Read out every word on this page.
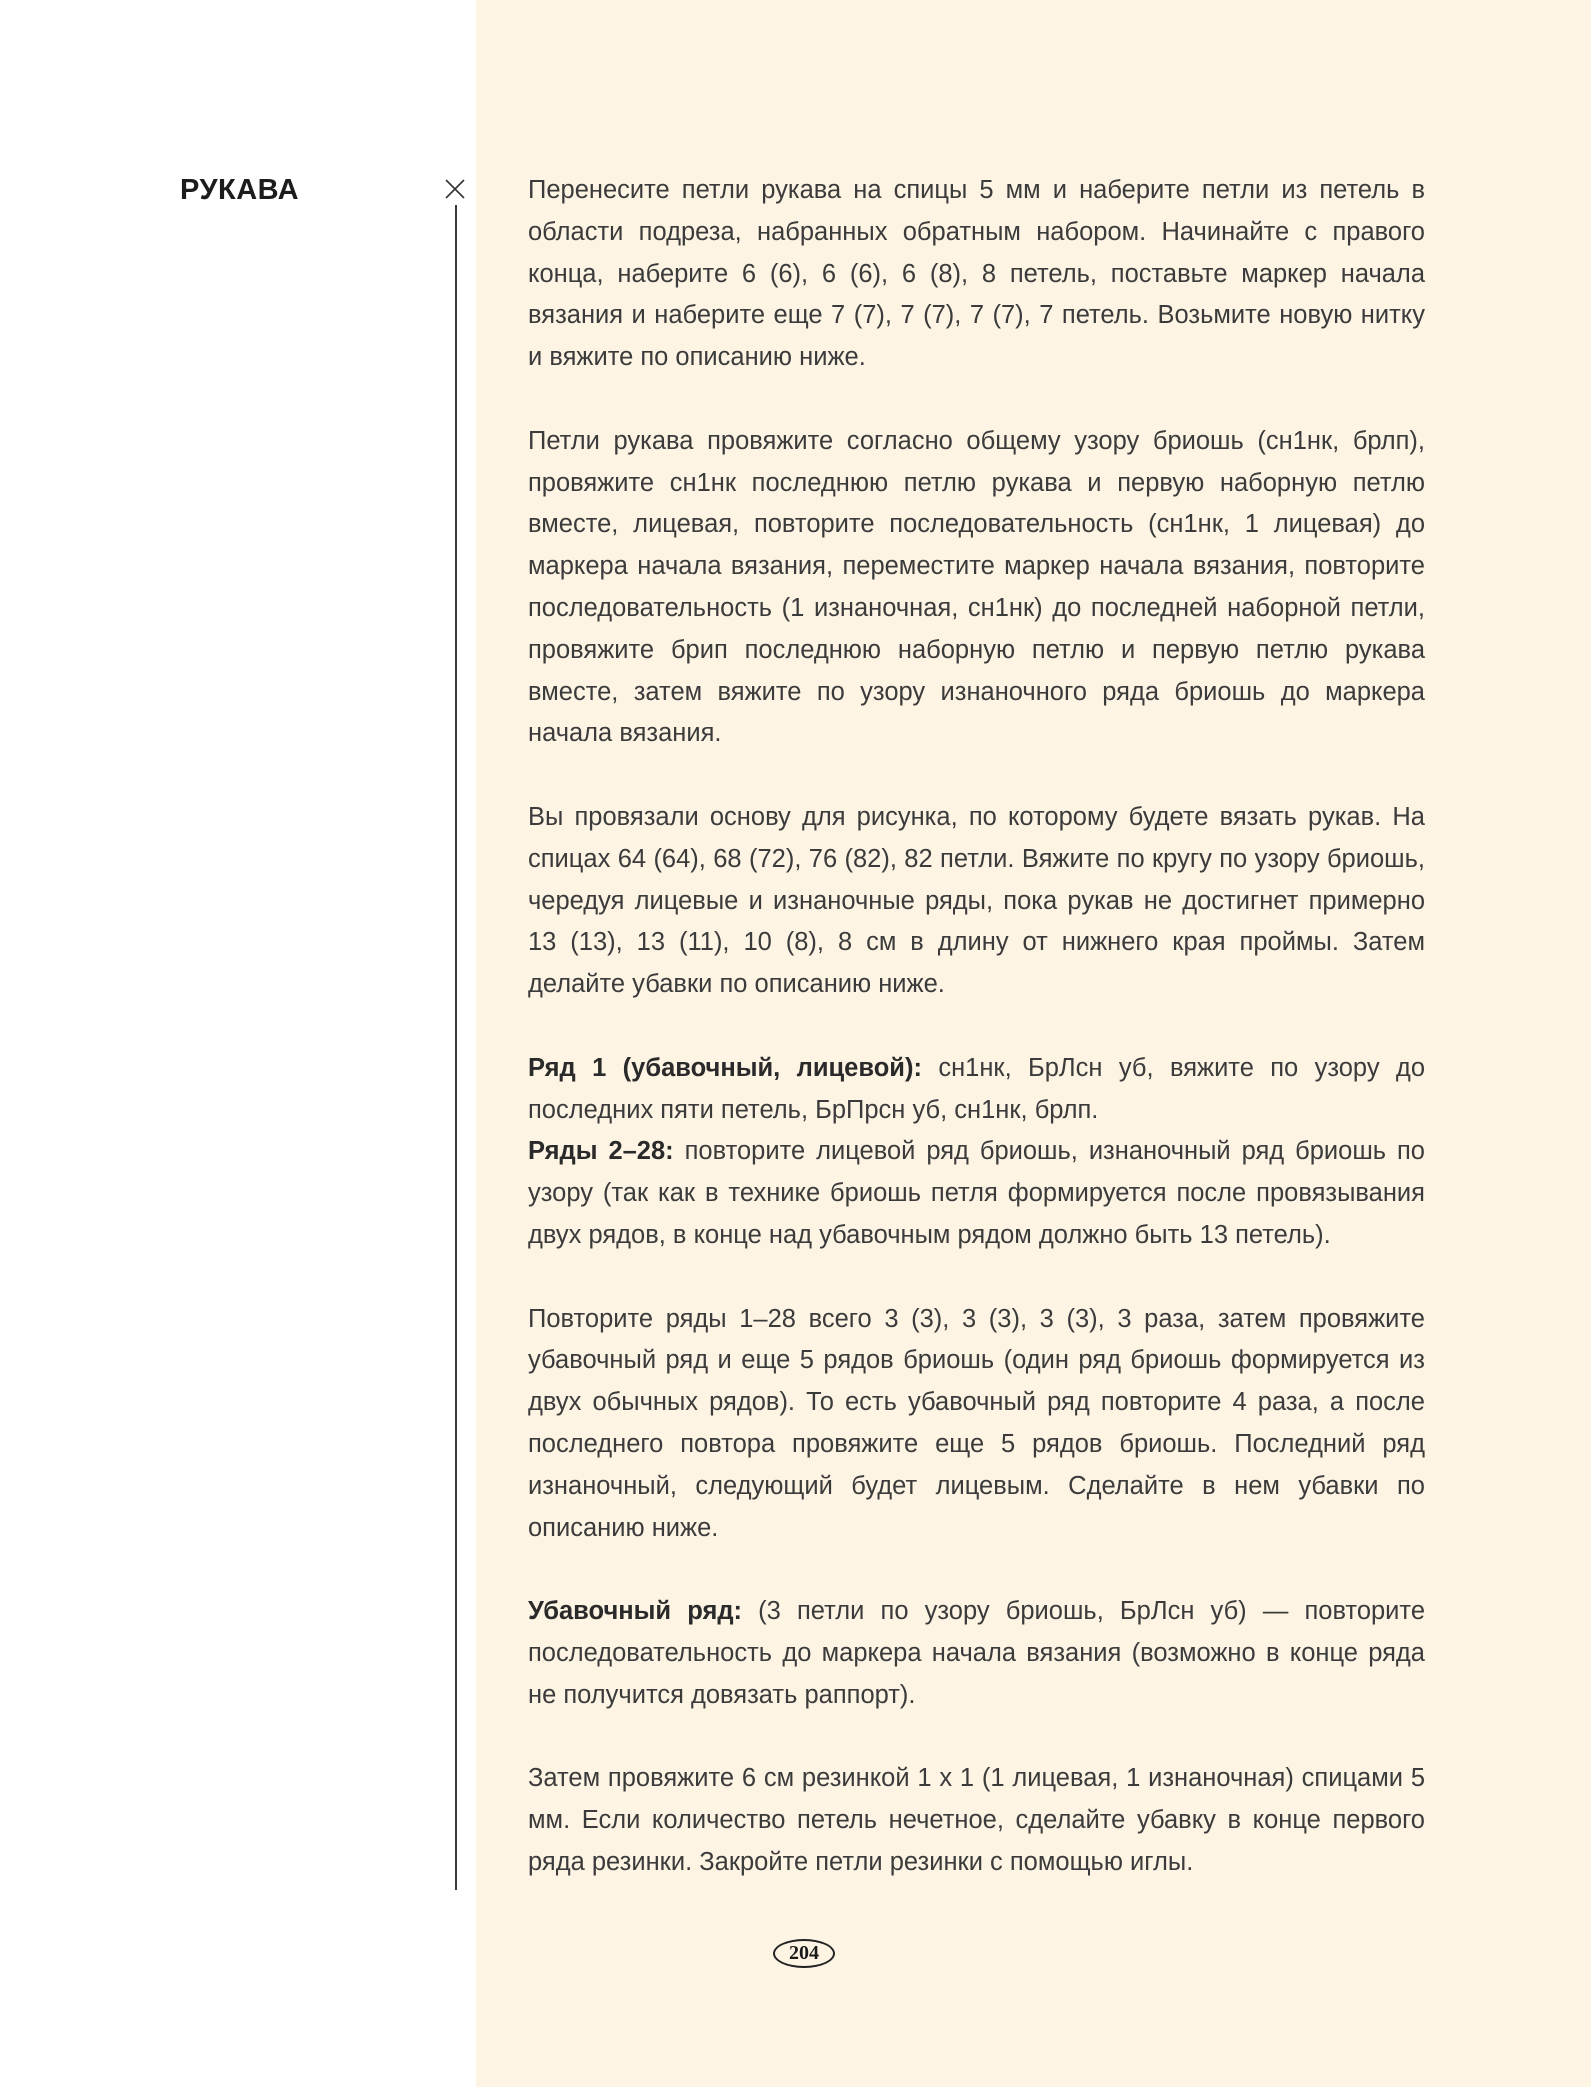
РУКАВА	Перенесите петли рукава на спицы 5 мм и наберите петли из петель в области подреза, набранных обратным набором. Начинайте с правого конца, наберите 6 (6), 6 (6), 6 (8), 8 петель, поставьте маркер начала вязания и наберите еще 7 (7), 7 (7), 7 (7), 7 петель. Возьмите новую нитку и вяжите по описанию ниже.

Петли рукава провяжите согласно общему узору бриошь (сн1нк, брлп), провяжите сн1нк последнюю петлю рукава и первую наборную петлю вместе, лицевая, повторите последовательность (сн1нк, 1 лицевая) до маркера начала вязания, переместите маркер начала вязания, повторите последовательность (1 изнаночная, сн1нк) до последней наборной петли, провяжите брип последнюю наборную петлю и первую петлю рукава вместе, затем вяжите по узору изнаночного ряда бриошь до маркера начала вязания.

Вы провязали основу для рисунка, по которому будете вязать рукав. На спицах 64 (64), 68 (72), 76 (82), 82 петли. Вяжите по кругу по узору бриошь, чередуя лицевые и изнаночные ряды, пока рукав не достигнет примерно 13 (13), 13 (11), 10 (8), 8 см в длину от нижнего края проймы. Затем делайте убавки по описанию ниже.

Ряд 1 (убавочный, лицевой): сн1нк, БрЛсн уб, вяжите по узору до последних пяти петель, БрПрсн уб, сн1нк, брлп.

Ряды 2–28: повторите лицевой ряд бриошь, изнаночный ряд бриошь по узору (так как в технике бриошь петля формируется после провязывания двух рядов, в конце над убавочным рядом должно быть 13 петель).

Повторите ряды 1–28 всего 3 (3), 3 (3), 3 (3), 3 раза, затем провяжите убавочный ряд и еще 5 рядов бриошь (один ряд бриошь формируется из двух обычных рядов). То есть убавочный ряд повторите 4 раза, а после последнего повтора провяжите еще 5 рядов бриошь. Последний ряд изнаночный, следующий будет лицевым. Сделайте в нем убавки по описанию ниже.

Убавочный ряд: (3 петли по узору бриошь, БрЛсн уб) — повторите последовательность до маркера начала вязания (возможно в конце ряда не получится довязать раппорт).

Затем провяжите 6 см резинкой 1 х 1 (1 лицевая, 1 изнаночная) спицами 5 мм. Если количество петель нечетное, сделайте убавку в конце первого ряда резинки. Закройте петли резинки с помощью иглы.

204
